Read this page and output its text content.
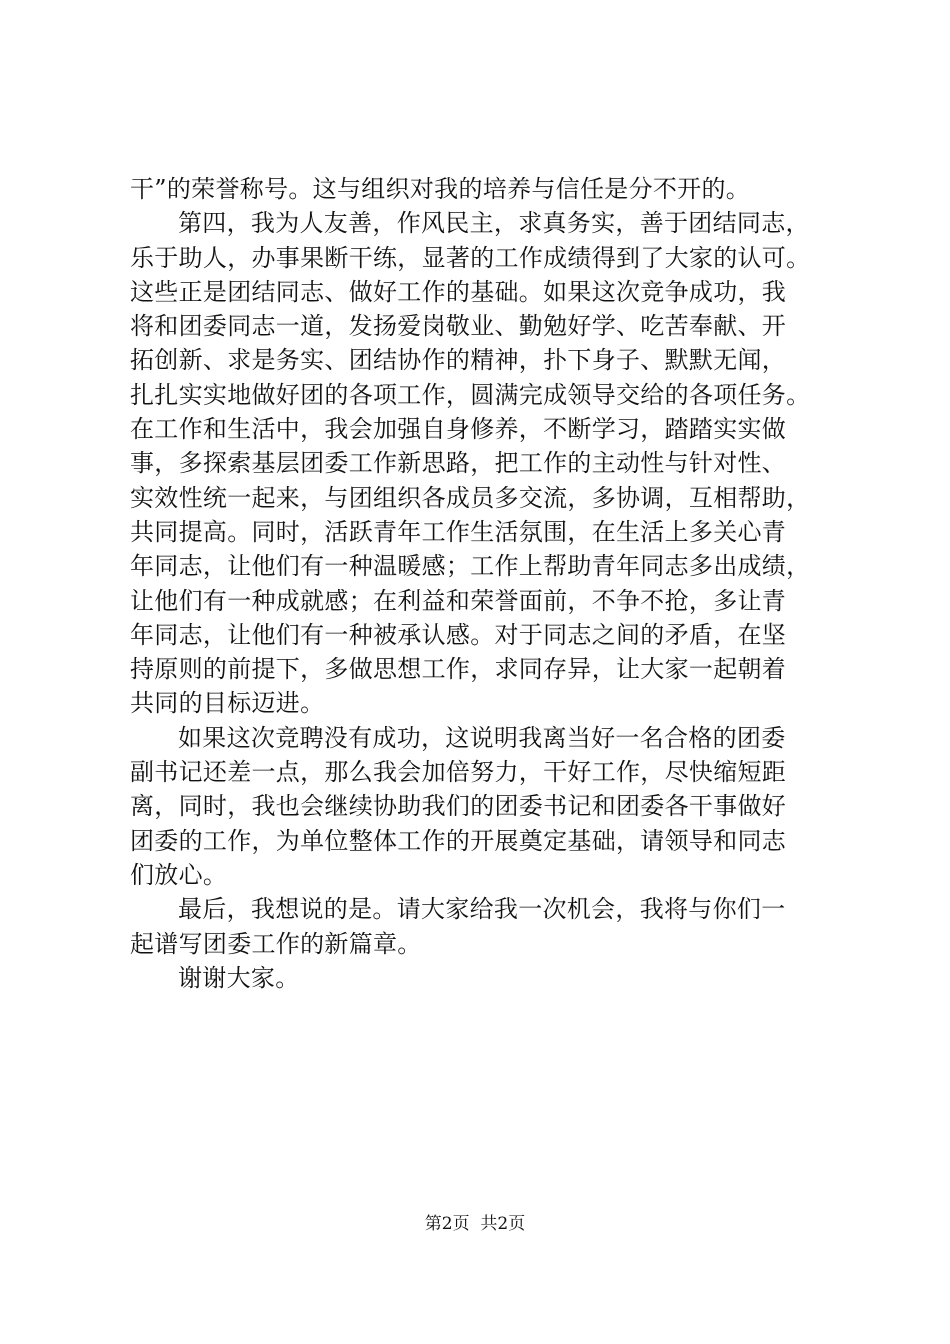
干”的荣誉称号。这与组织对我的培养与信任是分不开的。
第四，我为人友善，作风民主，求真务实，善于团结同志，
乐于助人，办事果断干练，显著的工作成绩得到了大家的认可。
这些正是团结同志、做好工作的基础。如果这次竞争成功，我
将和团委同志一道，发扬爱岗敬业、勤勉好学、吃苦奉献、开
拓创新、求是务实、团结协作的精神，扑下身子、默默无闻，
扎扎实实地做好团的各项工作，圆满完成领导交给的各项任务。
在工作和生活中，我会加强自身修养，不断学习，踏踏实实做
事，多探索基层团委工作新思路，把工作的主动性与针对性、
实效性统一起来，与团组织各成员多交流，多协调，互相帮助，
共同提高。同时，活跃青年工作生活氛围，在生活上多关心青
年同志，让他们有一种温暖感；工作上帮助青年同志多出成绩，
让他们有一种成就感；在利益和荣誉面前，不争不抢，多让青
年同志，让他们有一种被承认感。对于同志之间的矛盾，在坚
持原则的前提下，多做思想工作，求同存异，让大家一起朝着
共同的目标迈进。
如果这次竞聘没有成功，这说明我离当好一名合格的团委
副书记还差一点，那么我会加倍努力，干好工作，尽快缩短距
离，同时，我也会继续协助我们的团委书记和团委各干事做好
团委的工作，为单位整体工作的开展奠定基础，请领导和同志
们放心。
最后，我想说的是。请大家给我一次机会，我将与你们一
起谱写团委工作的新篇章。
谢谢大家。
第2页  共2页
